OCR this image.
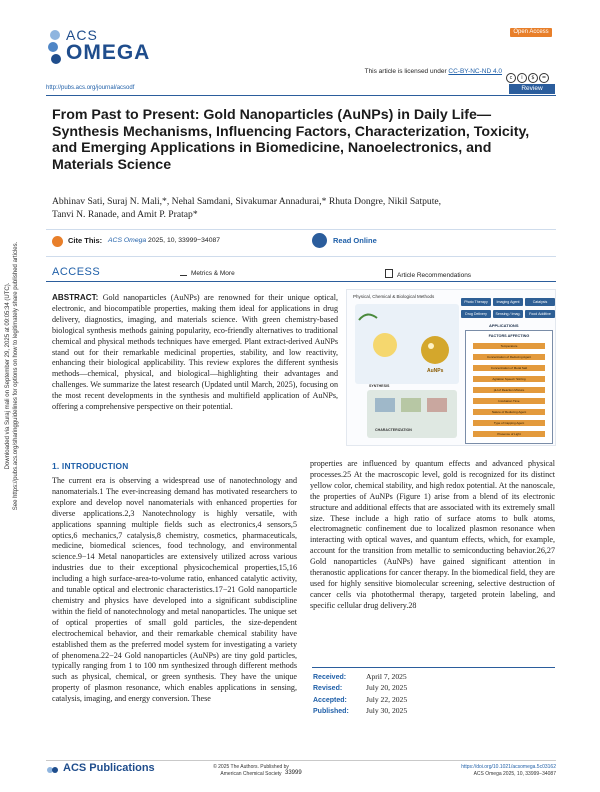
Downloaded via Suraj mali on September 29, 2025 at 09:05:34 (UTC). See https://pubs.acs.org/sharingguidelines for options on how to legitimately share published articles.
ACS
OMEGA
Open Access
This article is licensed under CC-BY-NC-ND 4.0
c i $ =
http://pubs.acs.org/journal/acsodf	Review
From Past to Present: Gold Nanoparticles (AuNPs) in Daily Life—Synthesis Mechanisms, Influencing Factors, Characterization, Toxicity, and Emerging Applications in Biomedicine, Nanoelectronics, and Materials Science
Abhinav Sati, Suraj N. Mali,*, Nehal Samdani, Sivakumar Annadurai,* Rhuta Dongre, Nikil Satpute,
Tanvi N. Ranade, and Amit P. Pratap*
Cite This: ACS Omega 2025, 10, 33999−34087	Read Online
ACCESS	Metrics & More	Article Recommendations
ABSTRACT: Gold nanoparticles (AuNPs) are renowned for their unique optical, electronic, and biocompatible properties, making them ideal for applications in drug delivery, diagnostics, imaging, and materials science. With green chemistry-based biological synthesis methods gaining popularity, eco-friendly alternatives to traditional chemical and physical methods techniques have emerged. Plant extract-derived AuNPs stand out for their remarkable medicinal properties, stability, and low reactivity, enhancing their biological applicability. This review explores the different synthesis methods—chemical, physical, and biological—highlighting their advantages and challenges. We summarize the latest research (Updated until March, 2025), focusing on the most recent developments in the synthesis and multifield application of AuNPs, offering a comprehensive perspective on their potential.
Physical, Chemical & Biological Methods
AuNPs
SYNTHESIS
CHARACTERIZATION
Photo Therapy	Imaging Agent	Catalysis
Drug Delivery	Sensing / Imag.	Food Additive
APPLICATIONS
FACTORS AFFECTING
Temperature
Concentration of Reducing Agent
Concentration of Metal Salt
Agitation Speed / Stirring
pH of Reaction Mixture
Incubation Time
Nature of Reducing Agent
Type of Capping Agent
Presence of Light
1. INTRODUCTION
The current era is observing a widespread use of nanotechnology and nanomaterials.1 The ever-increasing demand has motivated researchers to explore and develop novel nanomaterials with enhanced properties for diverse applications.2,3 Nanotechnology is highly versatile, with applications spanning multiple fields such as electronics,4 sensors,5 optics,6 mechanics,7 catalysis,8 chemistry, cosmetics, pharmaceuticals, medicine, biomedical sciences, food technology, and environmental science.9−14 Metal nanoparticles are extensively utilized across various industries due to their exceptional physicochemical properties,15,16 including a high surface-area-to-volume ratio, enhanced catalytic activity, and tunable optical and electronic characteristics.17−21 Gold nanoparticle chemistry and physics have developed into a significant subdiscipline within the field of nanotechnology and metal nanoparticles. The unique set of optical properties of small gold particles, the size-dependent electrochemical behavior, and their remarkable chemical stability have established them as the preferred model system for investigating a variety of phenomena.22−24 Gold nanoparticles (AuNPs) are tiny gold particles, typically ranging from 1 to 100 nm synthesized through different methods such as physical, chemical, or green synthesis. They have the unique property of plasmon resonance, which enables applications in sensing, catalysis, imaging, and energy conversion. These
properties are influenced by quantum effects and advanced physical processes.25 At the macroscopic level, gold is recognized for its distinct yellow color, chemical stability, and high redox potential. At the nanoscale, the properties of AuNPs (Figure 1) arise from a blend of its electronic structure and additional effects that are associated with its extremely small size. These include a high ratio of surface atoms to bulk atoms, electromagnetic confinement due to localized plasmon resonance when interacting with optical waves, and quantum effects, which, for example, account for the transition from metallic to semiconducting behavior.26,27 Gold nanoparticles (AuNPs) have gained significant attention in theranostic applications for cancer therapy. In the biomedical field, they are used for highly sensitive biomolecular screening, selective destruction of cancer cells via photothermal therapy, targeted protein labeling, and specific cellular drug delivery.28
Received:	April 7, 2025
Revised:	July 20, 2025
Accepted:	July 22, 2025
Published: July 30, 2025
ACS Publications	© 2025 The Authors. Published by
American Chemical Society 33999
https://doi.org/10.1021/acsomega.5c03162
ACS Omega 2025, 10, 33999−34087
